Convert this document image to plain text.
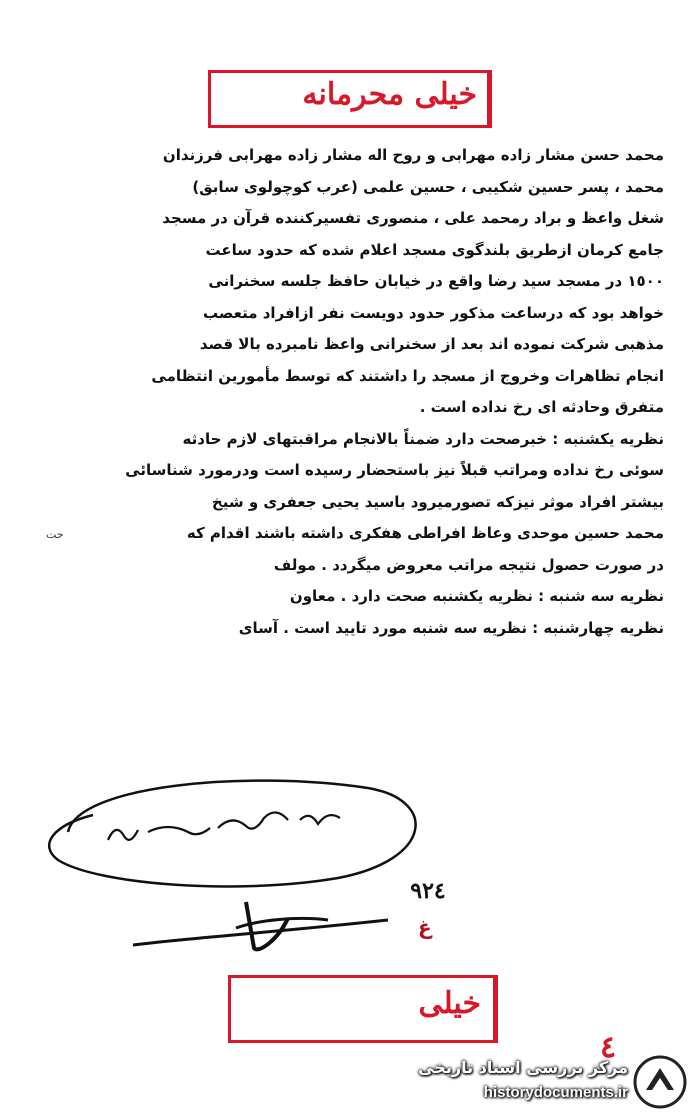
خیلی محرمانه

محمد حسن مشار زاده مهرابی و روح اله مشار زاده مهرابی فرزندان

محمد ، پسر حسین شکیبی ، حسین علمی (عرب کوچولوی سابق)

شغل واعظ و براد رمحمد علی ، منصوری تفسیرکننده قرآن در مسجد

جامع کرمان ازطریق بلندگوی مسجد اعلام شده که حدود ساعت

١٥٠٠ در مسجد سید رضا واقع در خیابان حافظ جلسه سخنرانی

خواهد بود که درساعت مذکور حدود دویست نفر ازافراد متعصب

مذهبی شرکت نموده اند بعد از سخنرانی واعظ نامبرده بالا قصد

انجام تظاهرات وخروج از مسجد را داشتند که توسط مأمورین انتظامی

متفرق وحادثه ای رخ نداده است .

نظریه یکشنبه : خبرصحت دارد ضمناً بالانجام مراقبتهای لازم حادثه

سوئی رخ نداده ومراتب قبلاً نیز باستحضار رسیده است ودرمورد شناسائی

بیشتر افراد موثر نیزکه تصورمیرود باسید یحیی جعفری و شیخ

محمد حسین موحدی وعاظ افراطی هفکری داشته باشند اقدام که

در صورت حصول نتیجه مراتب معروض میگردد . مولف

نظریه سه شنبه : نظریه یکشنبه صحت دارد . معاون

نظریه چهارشنبه : نظریه سه شنبه مورد تایید است . آسای

حت
٩٢٤
غ
خیلی
٤
مرکز بررسی اسناد تاریخی
historydocuments.ir
